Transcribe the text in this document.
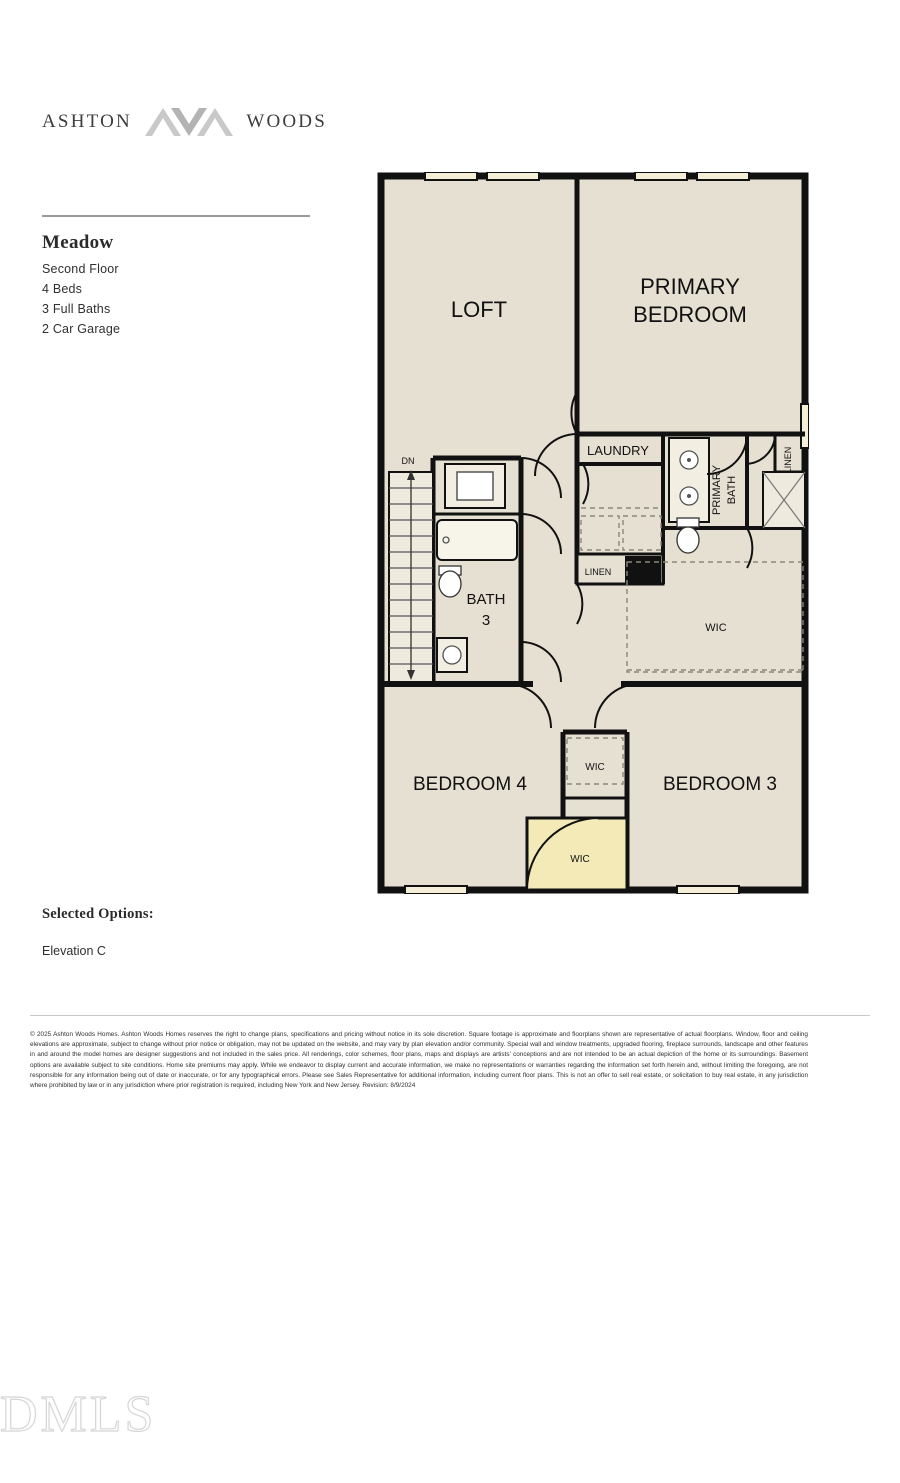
ASHTON	WOODS
Meadow
Second Floor
4 Beds
3 Full Baths
2 Car Garage
LOFT
PRIMARY
BEDROOM
LAUNDRY
PRIMARY BATH
LINEN
LINEN
BATH
3	WIC
DN
BEDROOM 4	BEDROOM 3
WIC
WIC
Selected Options:
Elevation C
© 2025 Ashton Woods Homes. Ashton Woods Homes reserves the right to change plans, specifications and pricing without notice in its sole discretion. Square footage is approximate and floorplans shown are representative of actual floorplans. Window, floor and ceiling elevations are approximate, subject to change without prior notice or obligation, may not be updated on the website, and may vary by plan elevation and/or community. Special wall and window treatments, upgraded flooring, fireplace surrounds, landscape and other features in and around the model homes are designer suggestions and not included in the sales price. All renderings, color schemes, floor plans, maps and displays are artists' conceptions and are not intended to be an actual depiction of the home or its surroundings. Basement options are available subject to site conditions. Home site premiums may apply. While we endeavor to display current and accurate information, we make no representations or warranties regarding the information set forth herein and, without limiting the foregoing, are not responsible for any information being out of date or inaccurate, or for any typographical errors. Please see Sales Representative for additional information, including current floor plans. This is not an offer to sell real estate, or solicitation to buy real estate, in any jurisdiction where prohibited by law or in any jurisdiction where prior registration is required, including New York and New Jersey. Revision: 8/9/2024
DMLS
